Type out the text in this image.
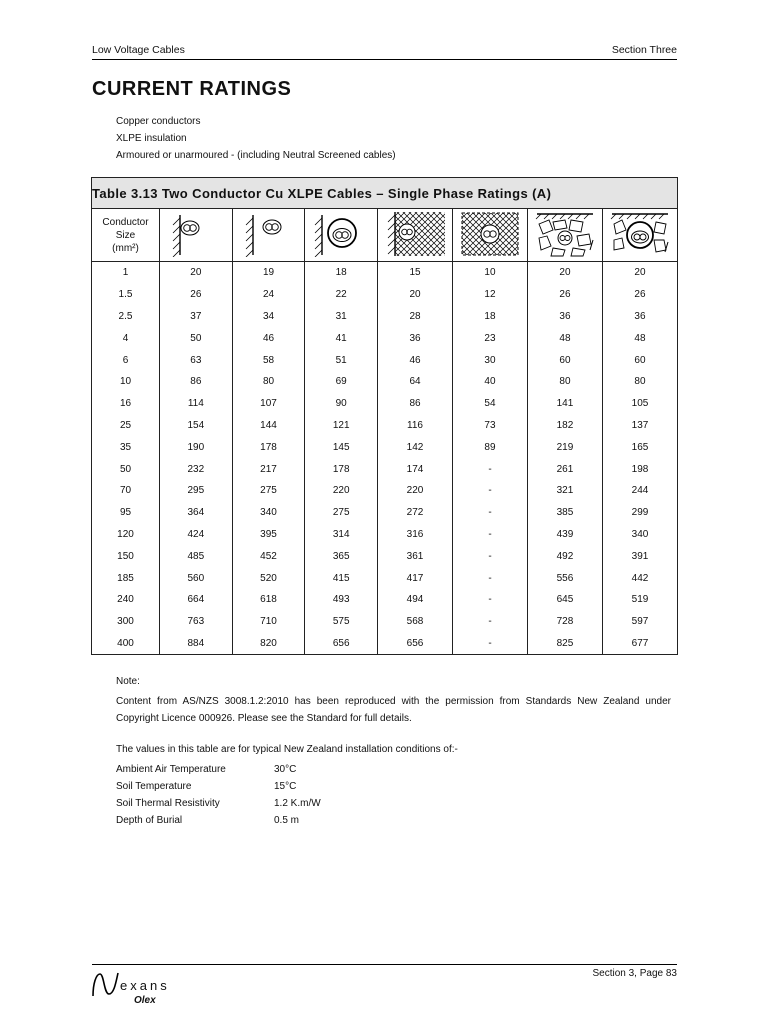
Low Voltage Cables	Section Three
CURRENT RATINGS
Copper conductors
XLPE insulation
Armoured or unarmoured - (including Neutral Screened cables)
Table 3.13 Two Conductor Cu XLPE Cables – Single Phase Ratings (A)							

Conductor
Size
(mm²)

1	20	19	18	15	10	20	20
1.5	26	24	22	20	12	26	26
2.5	37	34	31	28	18	36	36
4	50	46	41	36	23	48	48
6	63	58	51	46	30	60	60
10	86	80	69	64	40	80	80
16	114	107	90	86	54	141	105
25	154	144	121	116	73	182	137
35	190	178	145	142	89	219	165
50	232	217	178	174	-	261	198
70	295	275	220	220	-	321	244
95	364	340	275	272	-	385	299
120	424	395	314	316	-	439	340
150	485	452	365	361	-	492	391
185	560	520	415	417	-	556	442
240	664	618	493	494	-	645	519
300	763	710	575	568	-	728	597
400	884	820	656	656	-	825	677
Note:
Content from AS/NZS 3008.1.2:2010 has been reproduced with the permission from Standards New Zealand under Copyright Licence 000926. Please see the Standard for full details.
The values in this table are for typical New Zealand installation conditions of:-
Ambient Air Temperature	30°C
Soil Temperature	15°C
Soil Thermal Resistivity	1.2 K.m/W
Depth of Burial	0.5 m
exans
Olex
Section 3, Page 83
